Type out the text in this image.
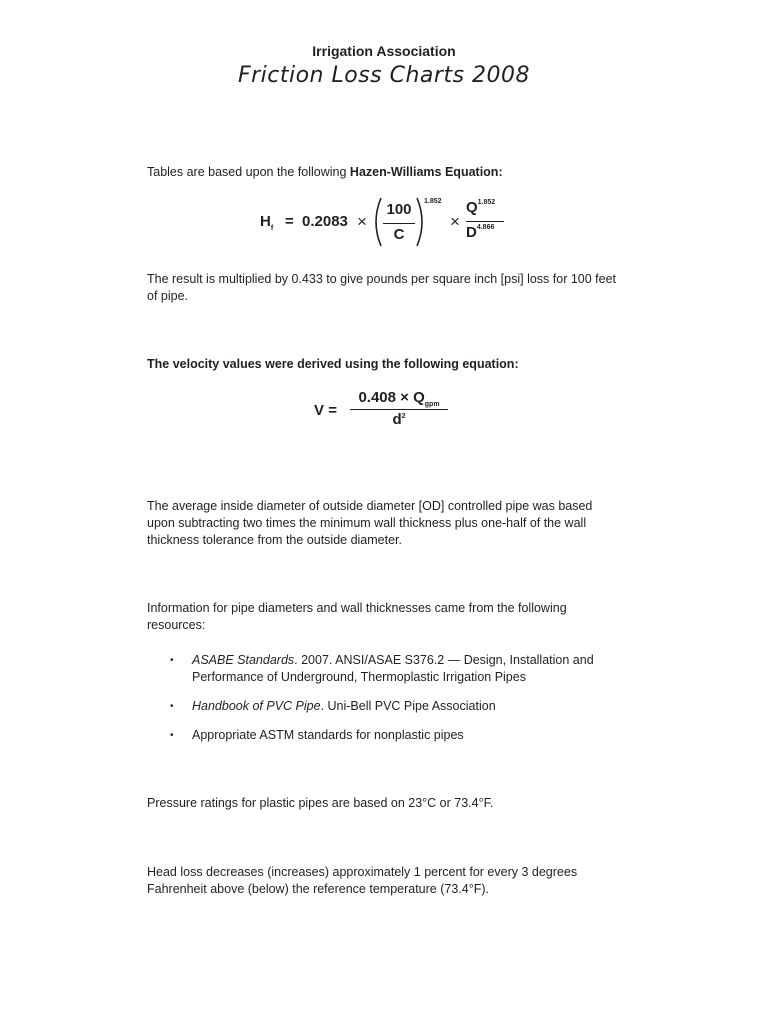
Irrigation Association
Friction Loss Charts 2008
Tables are based upon the following Hazen-Williams Equation:
$H_f = 0.2083$ ×
100
C
1.852
×
$Q^{1.852}$
$D^{4.866}$
The result is multiplied by 0.433 to give pounds per square inch [psi] loss for 100 feet of pipe.
The velocity values were derived using the following equation:
V =
$0.408 \times Q_{gpm}$
$d^2$
The average inside diameter of outside diameter [OD] controlled pipe was based upon subtracting two times the minimum wall thickness plus one-half of the wall thickness tolerance from the outside diameter.
Information for pipe diameters and wall thicknesses came from the following resources:
• ASABE Standards. 2007. ANSI/ASAE S376.2 — Design, Installation and Performance of Underground, Thermoplastic Irrigation Pipes
• Handbook of PVC Pipe. Uni-Bell PVC Pipe Association
• Appropriate ASTM standards for nonplastic pipes
Pressure ratings for plastic pipes are based on 23°C or 73.4°F.
Head loss decreases (increases) approximately 1 percent for every 3 degrees Fahrenheit above (below) the reference temperature (73.4°F).
